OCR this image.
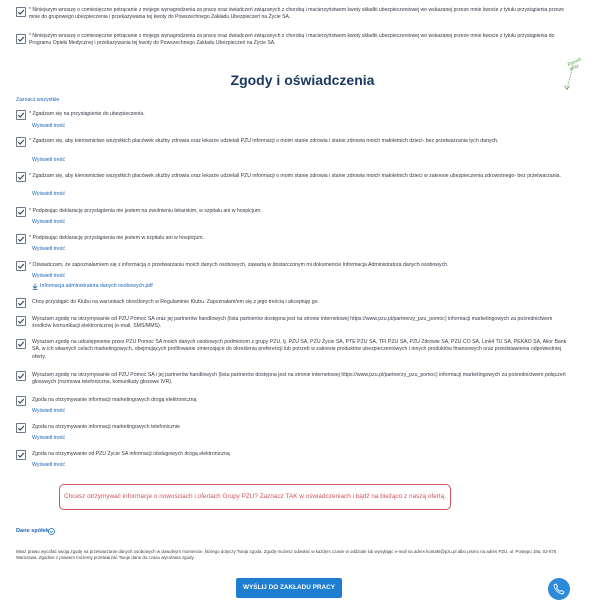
* Niniejszym wnoszę o comiesięczne potrącanie z mojego wynagrodzenia za pracę oraz świadczeń związanych z chorobą i macierzyństwem kwoty składki ubezpieczeniowej we wskazanej przeze mnie kwocie z tytułu przystąpienia przeze mnie do grupowego ubezpieczenia i przekazywania tej kwoty do Powszechnego Zakładu Ubezpieczeń na Życie SA.
* Niniejszym wnoszę o comiesięczne potrącanie z mojego wynagrodzenia za pracę oraz świadczeń związanych z chorobą i macierzyństwem kwoty składki ubezpieczeniowej we wskazanej przeze mnie kwocie z tytułu przystąpienia do Programu Opieki Medycznej i przekazywania tej kwoty do Powszechnego Zakładu Ubezpieczeń na Życie SA.
Rozwiń
teraz
Zgody i oświadczenia
Zaznacz wszystkie
* Zgadzam się na przystąpienie do ubezpieczenia.
Wyświetl treść
* Zgadzam się, aby kierownictwo wszystkich placówek służby zdrowia oraz lekarze udzielali PZU informacji o moim stanie zdrowia i stanie zdrowia moich małoletnich dzieci- bez przetwarzania tych danych.
Wyświetl treść
* Zgadzam się, aby kierownictwo wszystkich placówek służby zdrowia oraz lekarze udzielali PZU informacji o moim stanie zdrowia i stanie zdrowia moich małoletnich dzieci w zakresie ubezpieczenia zdrowotnego- bez przetwarzania.
Wyświetl treść
* Podpisując deklarację przystąpienia nie jestem na zwolnieniu lekarskim, w szpitalu ani w hospicjum.
Wyświetl treść
* Podpisując deklarację przystąpienia nie jestem w szpitalu ani w hospicjum.
Wyświetl treść
* Oświadczam, że zapoznałam/em się z informacją o przetwarzaniu moich danych osobowych, zawartą w dostarczonym mi dokumencie Informacja Administratora danych osobowych.
Wyświetl treść
Informacja administratora danych osobowych.pdf
Chcę przystąpić do Klubu na warunkach określonych w Regulaminie Klubu. Zapoznałam/em się z jego treścią i akceptuję go.
Wyrażam zgodę na otrzymywanie od PZU Pomoc SA oraz jej partnerów handlowych (lista partnerów dostępna jest na stronie internetowej https://www.pzu.pl/partnerzy_pzu_pomoc) informacji marketingowych za pośrednictwem środków komunikacji elektronicznej (e-mail, SMS/MMS).
Wyrażam zgodę na udostępnienie przez PZU Pomoc SA moich danych osobowych podmiotom z grupy PZU, tj. PZU SA, PZU Życie SA, PTE PZU SA, TFI PZU SA, PZU Zdrowie SA, PZU CO SA, Link4 TU SA, PEKAO SA, Alior Bank SA, w ich własnych celach marketingowych, obejmujących profilowanie zmierzające do określenia preferencji lub potrzeb w zakresie produktów ubezpieczeniowych i innych produktów finansowych oraz przedstawienia odpowiedniej oferty.
Wyrażam zgodę na otrzymywanie od PZU Pomoc SA i jej partnerów handlowych (lista partnerów dostępna jest na stronie internetowej https://www.pzu.pl/partnerzy_pzu_pomoc) informacji marketingowych za pośrednictwem połączeń głosowych (rozmowa telefoniczna, komunikaty głosowe IVR).
Zgoda na otrzymywanie informacji marketingowych drogą elektroniczną
Wyświetl treść
Zgoda na otrzymywanie informacji marketingowych telefonicznie
Wyświetl treść
Zgoda na otrzymywanie od PZU Życie SA informacji obsługowych drogą elektroniczną
Wyświetl treść
Chcesz otrzymywać informacje o nowościach i ofertach Grupy PZU? Zaznacz TAK w oświadczeniach i bądź na bieżąco z naszą ofertą.
Dane spółek
Masz prawo wycofać swoją zgodę na przetwarzanie danych osobowych w dowolnym momencie, którego dotyczy Twoja zgoda. Zgodę możesz odwołać w każdym czasie w oddziale lub wysyłając e-mail na adres kontakt@pzu.pl albo pismo na adres PZU, ul. Postępu 18a, 02-676 Warszawa. Zgodnie z prawem możemy przetwarzać Twoje dane do czasu wycofania zgody.
WYŚLIJ DO ZAKŁADU PRACY
